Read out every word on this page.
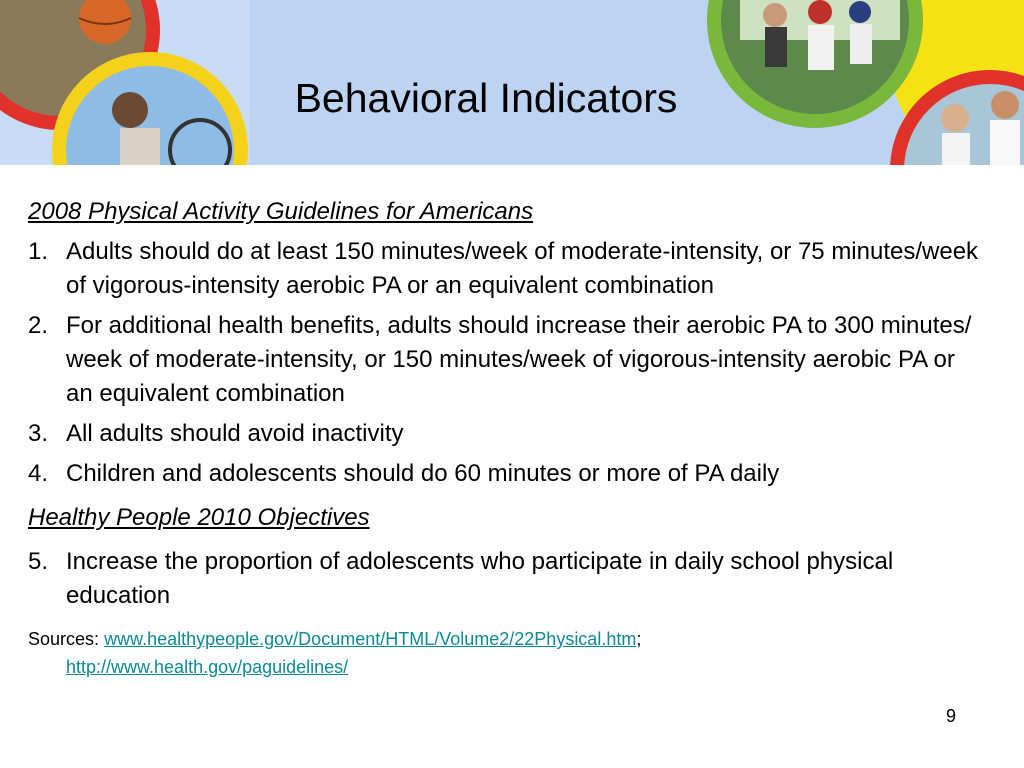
Behavioral Indicators
2008 Physical Activity Guidelines for Americans
1. Adults should do at least 150 minutes/week of moderate-intensity, or 75 minutes/week of vigorous-intensity aerobic PA or an equivalent combination
2. For additional health benefits, adults should increase their aerobic PA to 300 minutes/ week of moderate-intensity, or 150 minutes/week of vigorous-intensity aerobic PA or an equivalent combination
3. All adults should avoid inactivity
4. Children and adolescents should do 60 minutes or more of PA daily
Healthy People 2010 Objectives
5. Increase the proportion of adolescents who participate in daily school physical education
Sources: www.healthypeople.gov/Document/HTML/Volume2/22Physical.htm;

http://www.health.gov/paguidelines/
9
